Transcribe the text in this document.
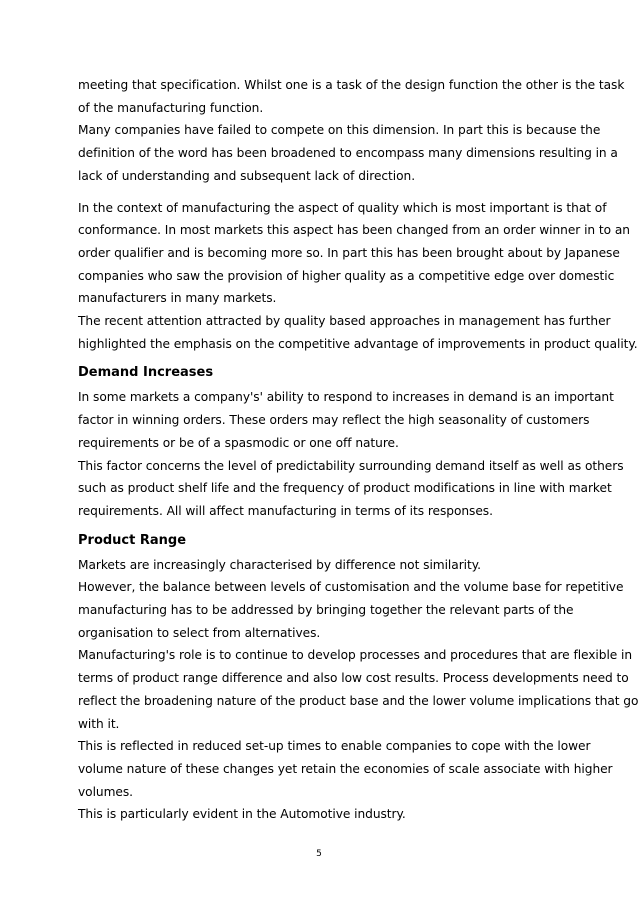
meeting that specification. Whilst one is a task of the design function the other is the task
of the manufacturing function.
Many companies have failed to compete on this dimension. In part this is because the
definition of the word has been broadened to encompass many dimensions resulting in a
lack of understanding and subsequent lack of direction.
In the context of manufacturing the aspect of quality which is most important is that of
conformance. In most markets this aspect has been changed from an order winner in to an
order qualifier and is becoming more so. In part this has been brought about by Japanese
companies who saw the provision of higher quality as a competitive edge over domestic
manufacturers in many markets.
The recent attention attracted by quality based approaches in management has further
highlighted the emphasis on the competitive advantage of improvements in product quality.
Demand Increases
In some markets a company's' ability to respond to increases in demand is an important
factor in winning orders. These orders may reflect the high seasonality of customers
requirements or be of a spasmodic or one off nature.
This factor concerns the level of predictability surrounding demand itself as well as others
such as product shelf life and the frequency of product modifications in line with market
requirements. All will affect manufacturing in terms of its responses.
Product Range
Markets are increasingly characterised by difference not similarity.
However, the balance between levels of customisation and the volume base for repetitive
manufacturing has to be addressed by bringing together the relevant parts of the
organisation to select from alternatives.
Manufacturing's role is to continue to develop processes and procedures that are flexible in
terms of product range difference and also low cost results. Process developments need to
reflect the broadening nature of the product base and the lower volume implications that go
with it.
This is reflected in reduced set-up times to enable companies to cope with the lower
volume nature of these changes yet retain the economies of scale associate with higher
volumes.
This is particularly evident in the Automotive industry.
5
